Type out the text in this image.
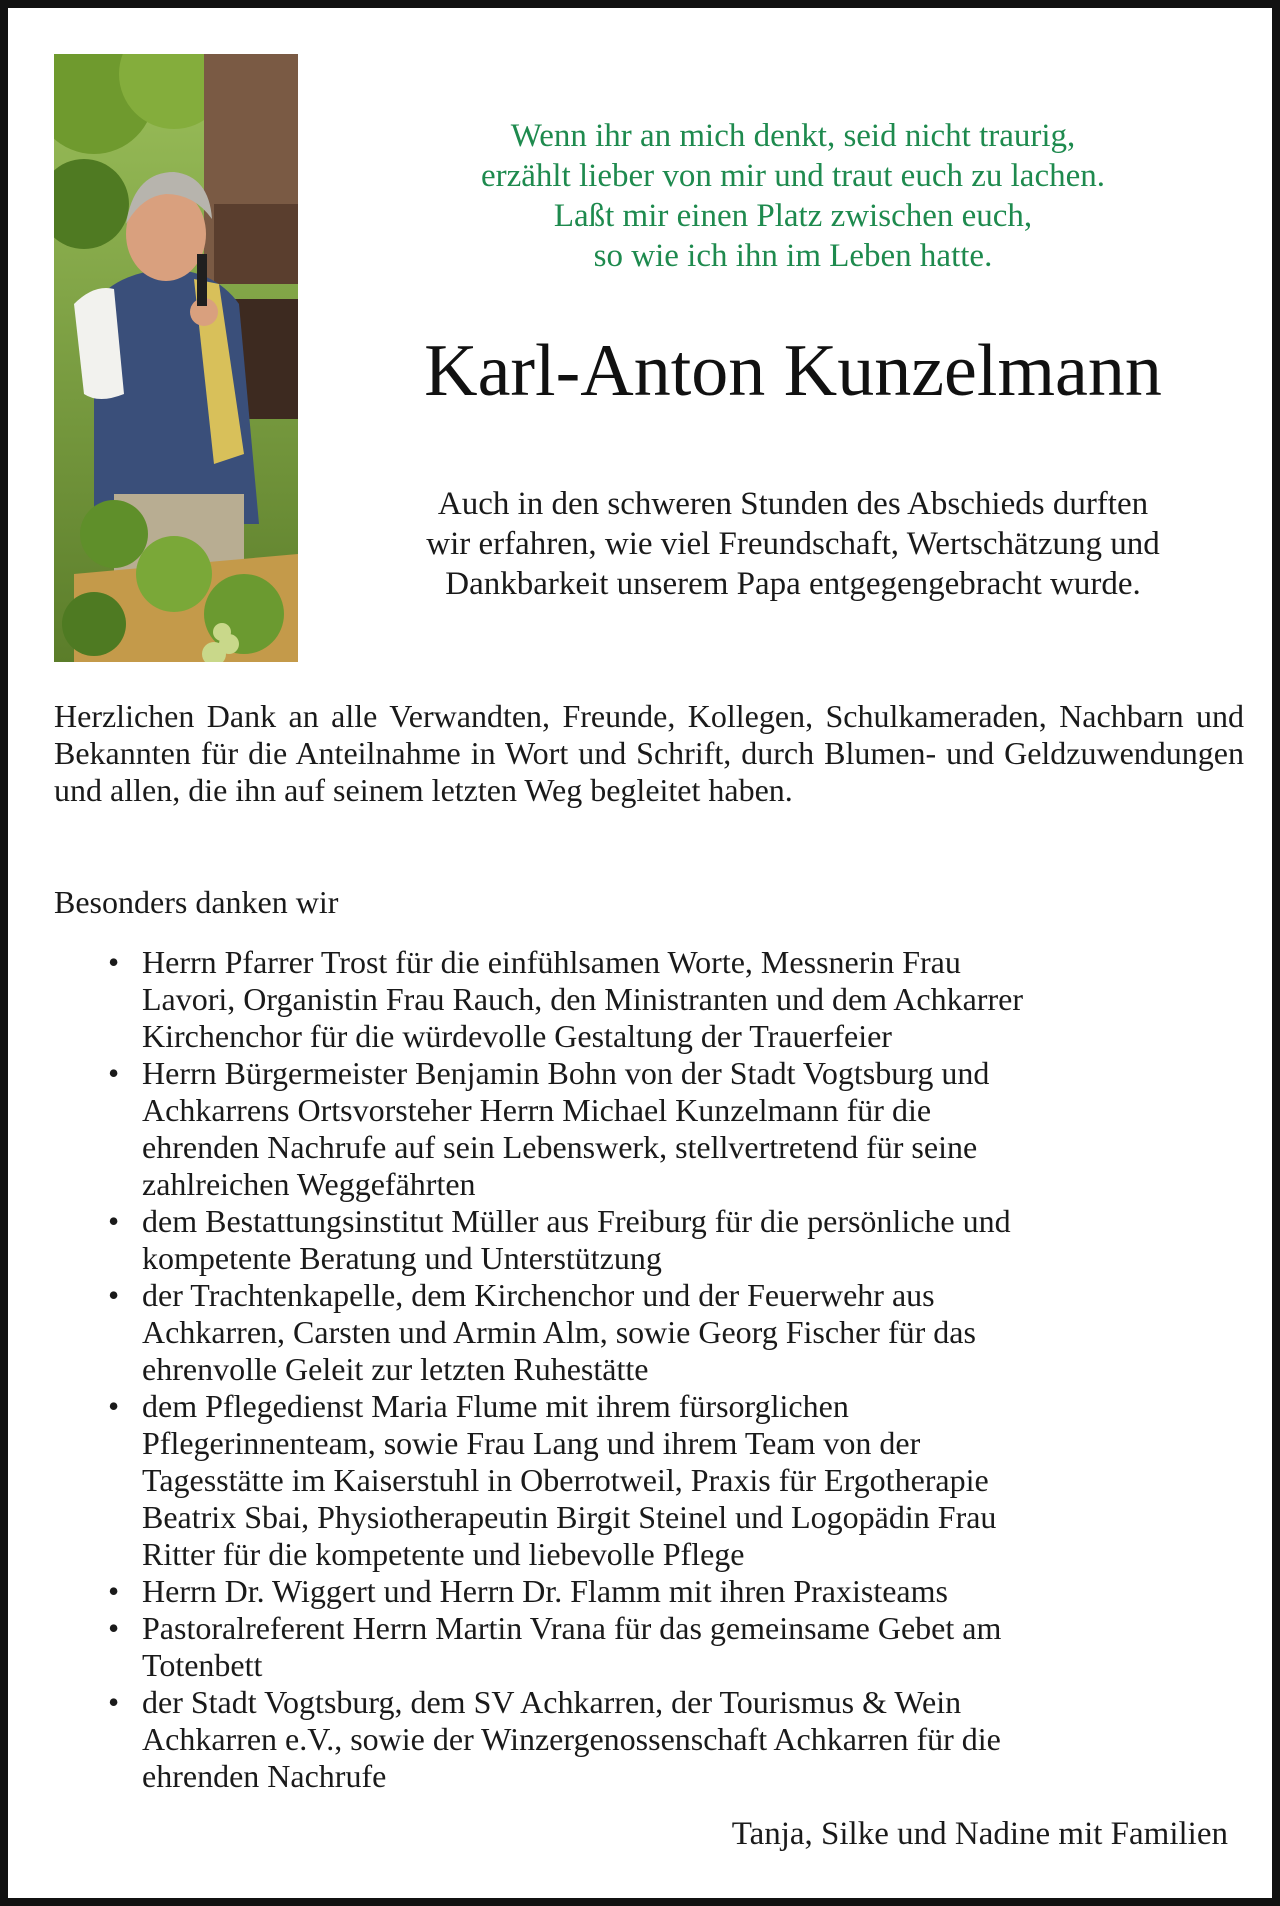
Wenn ihr an mich denkt, seid nicht traurig,
erzählt lieber von mir und traut euch zu lachen.
Laßt mir einen Platz zwischen euch,
so wie ich ihn im Leben hatte.
Karl-Anton Kunzelmann
Auch in den schweren Stunden des Abschieds durften
wir erfahren, wie viel Freundschaft, Wertschätzung und
Dankbarkeit unserem Papa entgegengebracht wurde.
Herzlichen Dank an alle Verwandten, Freunde, Kollegen, Schulkameraden, Nachbarn und Bekannten für die Anteilnahme in Wort und Schrift, durch Blumen- und Geldzuwendungen und allen, die ihn auf seinem letzten Weg begleitet haben.
Besonders danken wir
• Herrn Pfarrer Trost für die einfühlsamen Worte, Messnerin Frau
Lavori, Organistin Frau Rauch, den Ministranten und dem Achkarrer
Kirchenchor für die würdevolle Gestaltung der Trauerfeier
• Herrn Bürgermeister Benjamin Bohn von der Stadt Vogtsburg und
Achkarrens Ortsvorsteher Herrn Michael Kunzelmann für die
ehrenden Nachrufe auf sein Lebenswerk, stellvertretend für seine
zahlreichen Weggefährten
• dem Bestattungsinstitut Müller aus Freiburg für die persönliche und
kompetente Beratung und Unterstützung
• der Trachtenkapelle, dem Kirchenchor und der Feuerwehr aus
Achkarren, Carsten und Armin Alm, sowie Georg Fischer für das
ehrenvolle Geleit zur letzten Ruhestätte
• dem Pflegedienst Maria Flume mit ihrem fürsorglichen
Pflegerinnenteam, sowie Frau Lang und ihrem Team von der
Tagesstätte im Kaiserstuhl in Oberrotweil, Praxis für Ergotherapie
Beatrix Sbai, Physiotherapeutin Birgit Steinel und Logopädin Frau
Ritter für die kompetente und liebevolle Pflege
• Herrn Dr. Wiggert und Herrn Dr. Flamm mit ihren Praxisteams
• Pastoralreferent Herrn Martin Vrana für das gemeinsame Gebet am
Totenbett
• der Stadt Vogtsburg, dem SV Achkarren, der Tourismus & Wein
Achkarren e.V., sowie der Winzergenossenschaft Achkarren für die
ehrenden Nachrufe
Tanja, Silke und Nadine mit Familien
